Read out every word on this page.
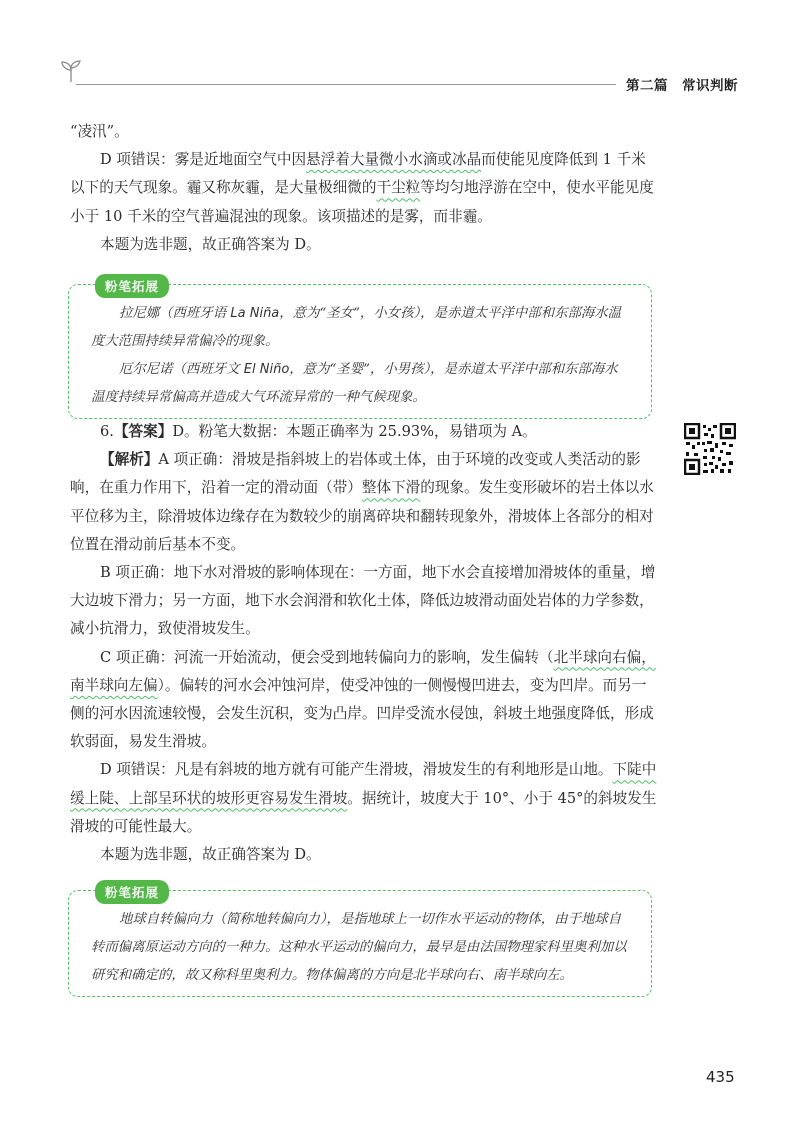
第二篇 常识判断

“凌汛”。

D 项错误：雾是近地面空气中因悬浮着大量微小水滴或冰晶而使能见度降低到 1 千米以下的天气现象。霾又称灰霾，是大量极细微的干尘粒等均匀地浮游在空中，使水平能见度小于 10 千米的空气普遍混浊的现象。该项描述的是雾，而非霾。

本题为选非题，故正确答案为 D。

粉笔拓展

拉尼娜（西班牙语 La Niña，意为“圣女”，小女孩），是赤道太平洋中部和东部海水温度大范围持续异常偏冷的现象。

厄尔尼诺（西班牙文 El Niño，意为“圣婴”，小男孩），是赤道太平洋中部和东部海水温度持续异常偏高并造成大气环流异常的一种气候现象。

6.【答案】D。粉笔大数据：本题正确率为 25.93%，易错项为 A。

【解析】A 项正确：滑坡是指斜坡上的岩体或土体，由于环境的改变或人类活动的影响，在重力作用下，沿着一定的滑动面（带）整体下滑的现象。发生变形破坏的岩土体以水平位移为主，除滑坡体边缘存在为数较少的崩离碎块和翻转现象外，滑坡体上各部分的相对位置在滑动前后基本不变。

B 项正确：地下水对滑坡的影响体现在：一方面，地下水会直接增加滑坡体的重量，增大边坡下滑力；另一方面，地下水会润滑和软化土体，降低边坡滑动面处岩体的力学参数，减小抗滑力，致使滑坡发生。

C 项正确：河流一开始流动，便会受到地转偏向力的影响，发生偏转（北半球向右偏，南半球向左偏）。偏转的河水会冲蚀河岸，使受冲蚀的一侧慢慢凹进去，变为凹岸。而另一侧的河水因流速较慢，会发生沉积，变为凸岸。凹岸受流水侵蚀，斜坡土地强度降低，形成软弱面，易发生滑坡。

D 项错误：凡是有斜坡的地方就有可能产生滑坡，滑坡发生的有利地形是山地。下陡中缓上陡、上部呈环状的坡形更容易发生滑坡。据统计，坡度大于 10°、小于 45°的斜坡发生滑坡的可能性最大。

本题为选非题，故正确答案为 D。

粉笔拓展

地球自转偏向力（简称地转偏向力），是指地球上一切作水平运动的物体，由于地球自转而偏离原运动方向的一种力。这种水平运动的偏向力，最早是由法国物理家科里奥利加以研究和确定的，故又称科里奥利力。物体偏离的方向是北半球向右、南半球向左。

435
